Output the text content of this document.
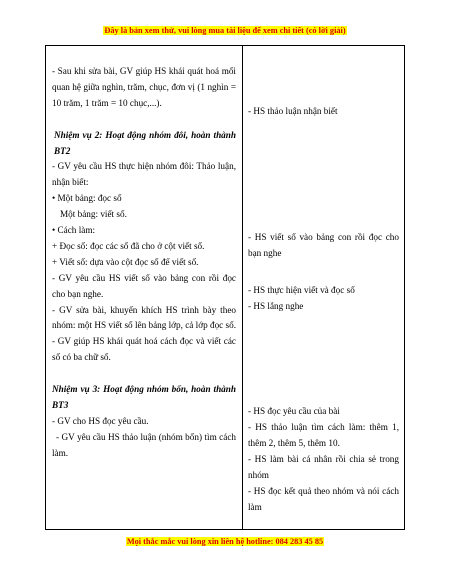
Đây là bản xem thử, vui lòng mua tài liệu để xem chi tiết (có lời giải)
- Sau khi sửa bài, GV giúp HS khái quát hoá mối quan hệ giữa nghìn, trăm, chục, đơn vị (1 nghìn = 10 trăm, 1 trăm = 10 chục,...).
Nhiệm vụ 2: Hoạt động nhóm đôi, hoàn thành BT2
- GV yêu cầu HS thực hiện nhóm đôi: Thảo luận, nhận biết:
• Một bảng: đọc số
Một bảng: viết số.
• Cách làm:
+ Đọc số: đọc các số đã cho ở cột viết số.
+ Viết số: dựa vào cột đọc số để viết số.
- GV yêu cầu HS viết số vào bảng con rồi đọc cho bạn nghe.
- GV sửa bài, khuyến khích HS trình bày theo nhóm: một HS viết số lên bảng lớp, cả lớp đọc số.
- GV giúp HS khái quát hoá cách đọc và viết các số có ba chữ số.
Nhiệm vụ 3: Hoạt động nhóm bốn, hoàn thành BT3
- GV cho HS đọc yêu cầu.
- GV yêu cầu HS thảo luận (nhóm bốn) tìm cách làm.
- HS thảo luận nhận biết
- HS viết số vào bảng con rồi đọc cho bạn nghe
- HS thực hiện viết và đọc số
- HS lắng nghe
- HS đọc yêu cầu của bài
- HS thảo luận tìm cách làm: thêm 1, thêm 2, thêm 5, thêm 10.
- HS làm bài cá nhân rồi chia sẻ trong nhóm
- HS đọc kết quả theo nhóm và nói cách làm
Mọi thắc mắc vui lòng xin liên hệ hotline: 084 283 45 85
